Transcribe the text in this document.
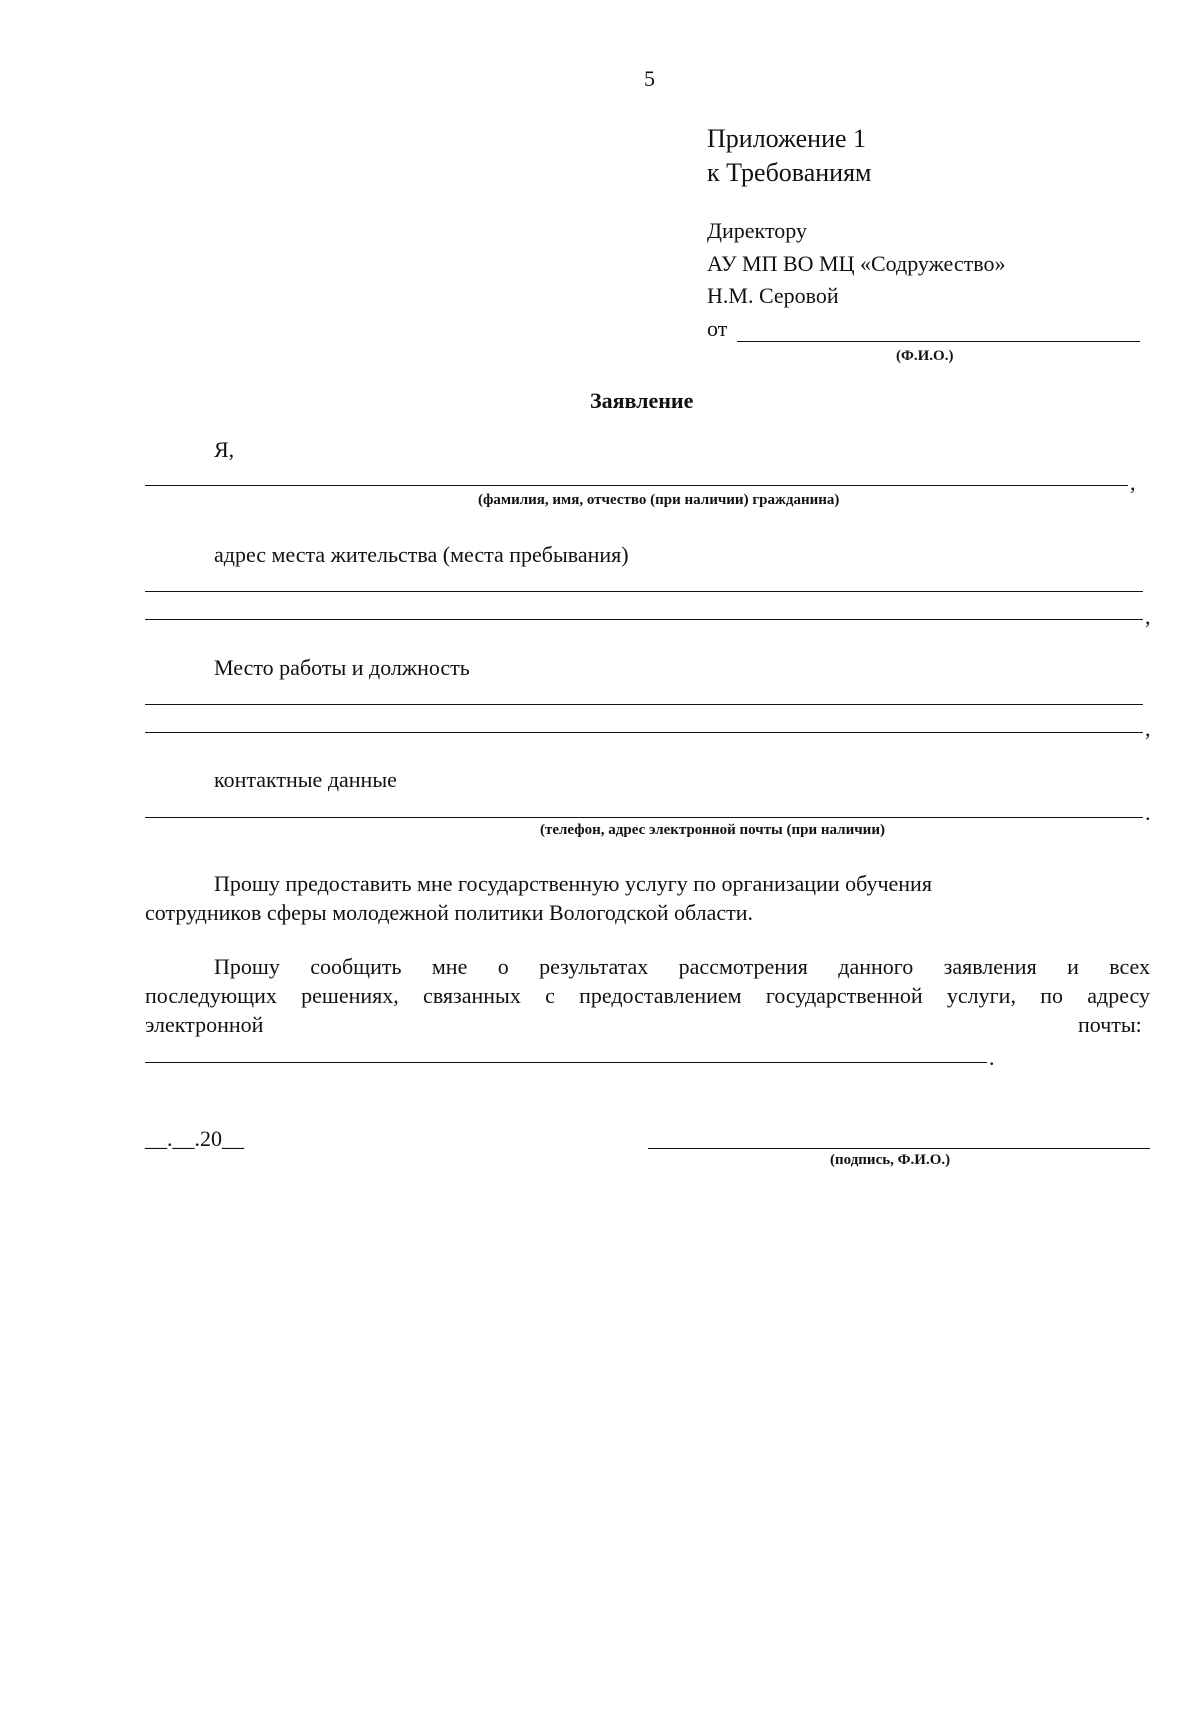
5
Приложение 1
к Требованиям
Директору
АУ МП ВО МЦ «Содружество»
Н.М. Серовой
от
(Ф.И.О.)
Заявление
Я,
,
(фамилия, имя, отчество (при наличии) гражданина)
адрес места жительства (места пребывания)
,
Место работы и должность
,
контактные данные
.
(телефон, адрес электронной почты (при наличии)
Прошу предоставить мне государственную услугу по организации обучения
сотрудников сферы молодежной политики Вологодской области.
Прошу сообщить мне о результатах рассмотрения данного заявления и всех
последующих решениях, связанных с предоставлением государственной услуги, по адресу
электронной	почты:
.
__.__.20__
(подпись, Ф.И.О.)
